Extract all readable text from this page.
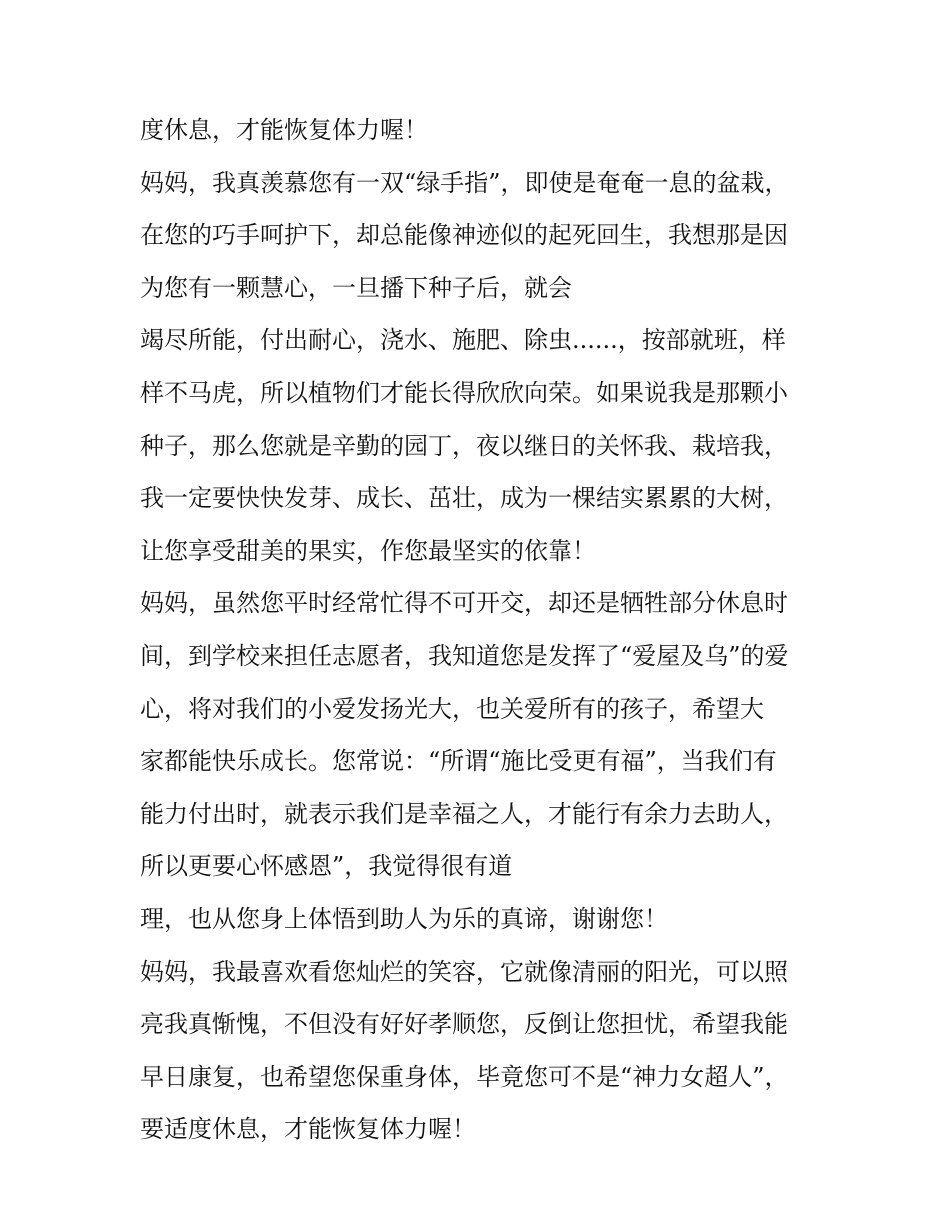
度休息，才能恢复体力喔！
妈妈，我真羡慕您有一双“绿手指”，即使是奄奄一息的盆栽，
在您的巧手呵护下，却总能像神迹似的起死回生，我想那是因
为您有一颗慧心，一旦播下种子后，就会
竭尽所能，付出耐心，浇水、施肥、除虫......，按部就班，样
样不马虎，所以植物们才能长得欣欣向荣。如果说我是那颗小
种子，那么您就是辛勤的园丁，夜以继日的关怀我、栽培我，
我一定要快快发芽、成长、茁壮，成为一棵结实累累的大树，
让您享受甜美的果实，作您最坚实的依靠！
妈妈，虽然您平时经常忙得不可开交，却还是牺牲部分休息时
间，到学校来担任志愿者，我知道您是发挥了“爱屋及乌”的爱
心，将对我们的小爱发扬光大，也关爱所有的孩子，希望大
家都能快乐成长。您常说：“所谓“施比受更有福”，当我们有
能力付出时，就表示我们是幸福之人，才能行有余力去助人，
所以更要心怀感恩”，我觉得很有道
理，也从您身上体悟到助人为乐的真谛，谢谢您！
妈妈，我最喜欢看您灿烂的笑容，它就像清丽的阳光，可以照
亮我真惭愧，不但没有好好孝顺您，反倒让您担忧，希望我能
早日康复，也希望您保重身体，毕竟您可不是“神力女超人”，
要适度休息，才能恢复体力喔！
